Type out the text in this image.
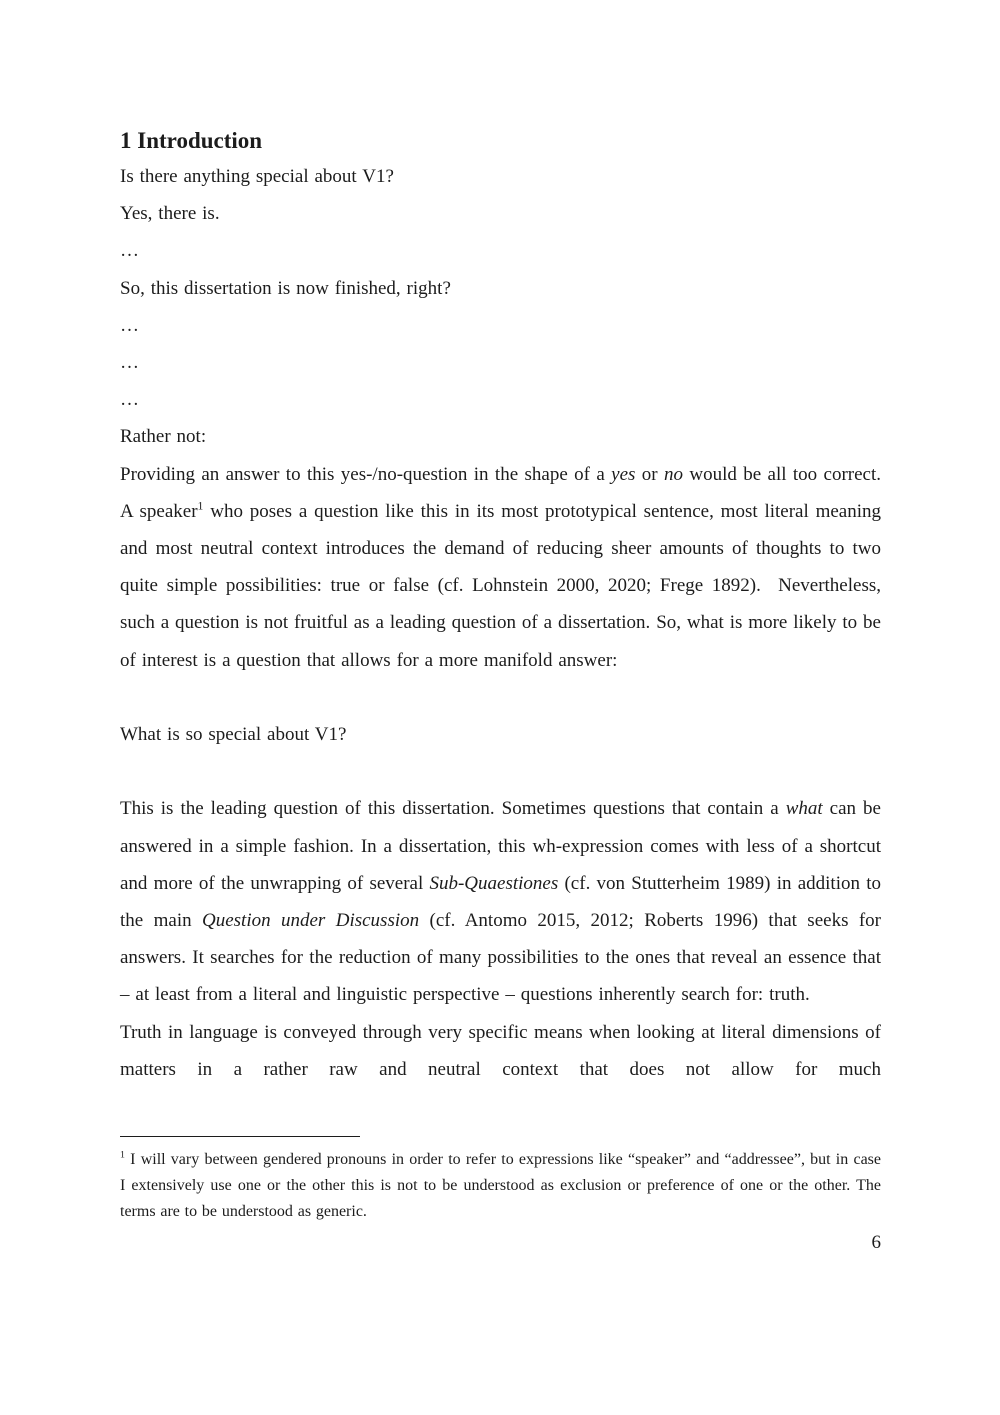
1 Introduction

Is there anything special about V1?

Yes, there is.

…

So, this dissertation is now finished, right?

…

…

…

Rather not:

Providing an answer to this yes-/no-question in the shape of a yes or no would be all too correct. A speaker$^1$ who poses a question like this in its most prototypical sentence, most literal meaning and most neutral context introduces the demand of reducing sheer amounts of thoughts to two quite simple possibilities: true or false (cf. Lohnstein 2000, 2020; Frege 1892).  Nevertheless, such a question is not fruitful as a leading question of a dissertation. So, what is more likely to be of interest is a question that allows for a more manifold answer:

What is so special about V1?

This is the leading question of this dissertation. Sometimes questions that contain a what can be answered in a simple fashion. In a dissertation, this wh-expression comes with less of a shortcut and more of the unwrapping of several Sub-Quaestiones (cf. von Stutterheim 1989) in addition to the main Question under Discussion (cf. Antomo 2015, 2012; Roberts 1996) that seeks for answers. It searches for the reduction of many possibilities to the ones that reveal an essence that – at least from a literal and linguistic perspective – questions inherently search for: truth.

Truth in language is conveyed through very specific means when looking at literal dimensions of matters in a rather raw and neutral context that does not allow for much

$^1$ I will vary between gendered pronouns in order to refer to expressions like “speaker” and “addressee”, but in case I extensively use one or the other this is not to be understood as exclusion or preference of one or the other. The terms are to be understood as generic.

6
